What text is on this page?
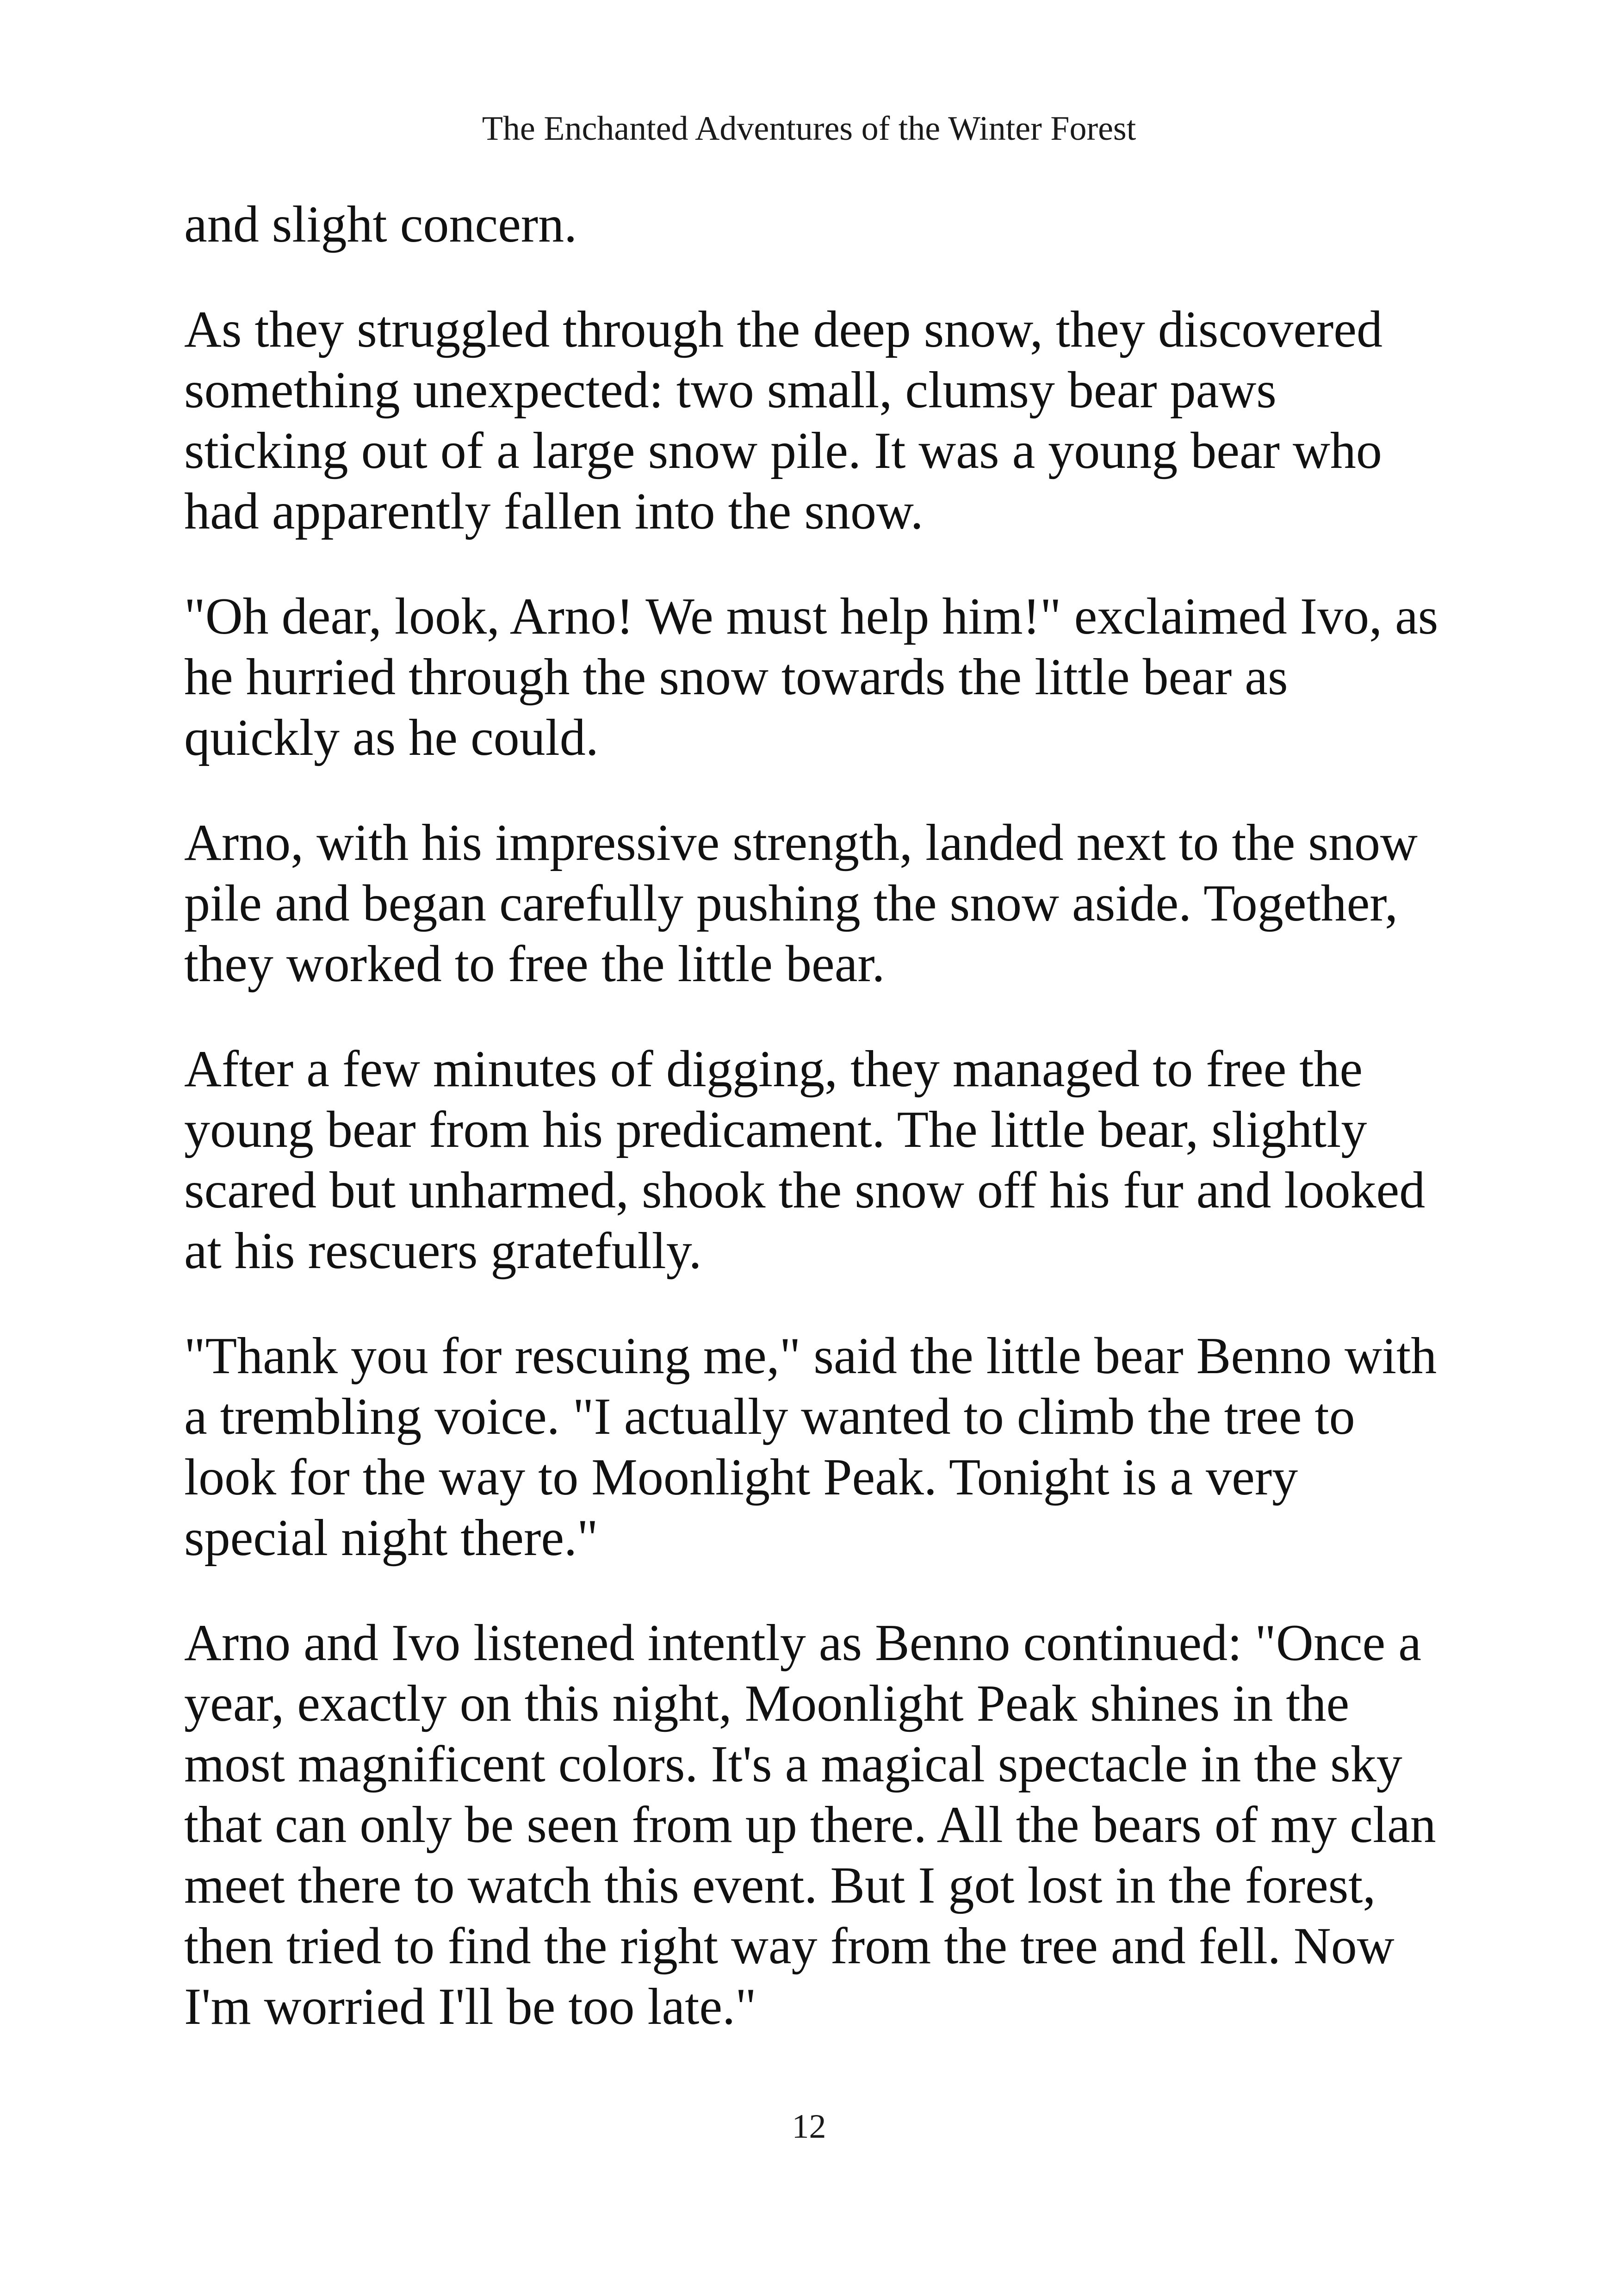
The Enchanted Adventures of the Winter Forest

and slight concern.

As they struggled through the deep snow, they discovered something unexpected: two small, clumsy bear paws sticking out of a large snow pile. It was a young bear who had apparently fallen into the snow.

"Oh dear, look, Arno! We must help him!" exclaimed Ivo, as he hurried through the snow towards the little bear as quickly as he could.

Arno, with his impressive strength, landed next to the snow pile and began carefully pushing the snow aside. Together, they worked to free the little bear.

After a few minutes of digging, they managed to free the young bear from his predicament. The little bear, slightly scared but unharmed, shook the snow off his fur and looked at his rescuers gratefully.

"Thank you for rescuing me," said the little bear Benno with a trembling voice. "I actually wanted to climb the tree to look for the way to Moonlight Peak. Tonight is a very special night there."

Arno and Ivo listened intently as Benno continued: "Once a year, exactly on this night, Moonlight Peak shines in the most magnificent colors. It's a magical spectacle in the sky that can only be seen from up there. All the bears of my clan meet there to watch this event. But I got lost in the forest, then tried to find the right way from the tree and fell. Now I'm worried I'll be too late."

12
